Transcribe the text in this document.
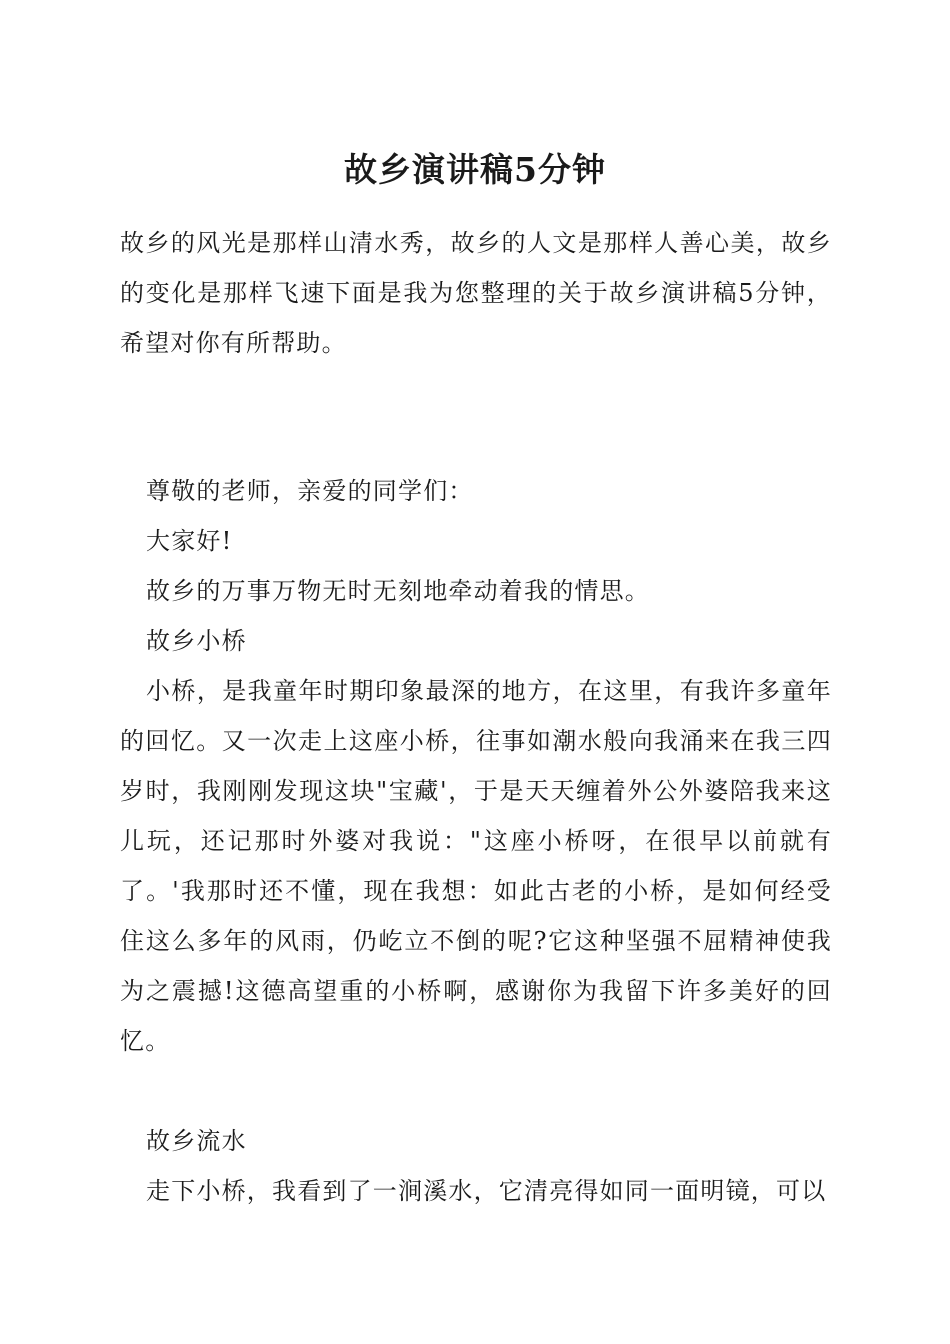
故乡演讲稿5分钟

故乡的风光是那样山清水秀，故乡的人文是那样人善心美，故乡的变化是那样飞速下面是我为您整理的关于故乡演讲稿5分钟，希望对你有所帮助。

尊敬的老师，亲爱的同学们：

大家好!

故乡的万事万物无时无刻地牵动着我的情思。

故乡小桥

小桥，是我童年时期印象最深的地方，在这里，有我许多童年的回忆。又一次走上这座小桥，往事如潮水般向我涌来在我三四岁时，我刚刚发现这块"宝藏'，于是天天缠着外公外婆陪我来这儿玩，还记那时外婆对我说："这座小桥呀，在很早以前就有了。'我那时还不懂，现在我想：如此古老的小桥，是如何经受住这么多年的风雨，仍屹立不倒的呢?它这种坚强不屈精神使我为之震撼!这德高望重的小桥啊，感谢你为我留下许多美好的回忆。

故乡流水

走下小桥，我看到了一涧溪水，它清亮得如同一面明镜，可以
